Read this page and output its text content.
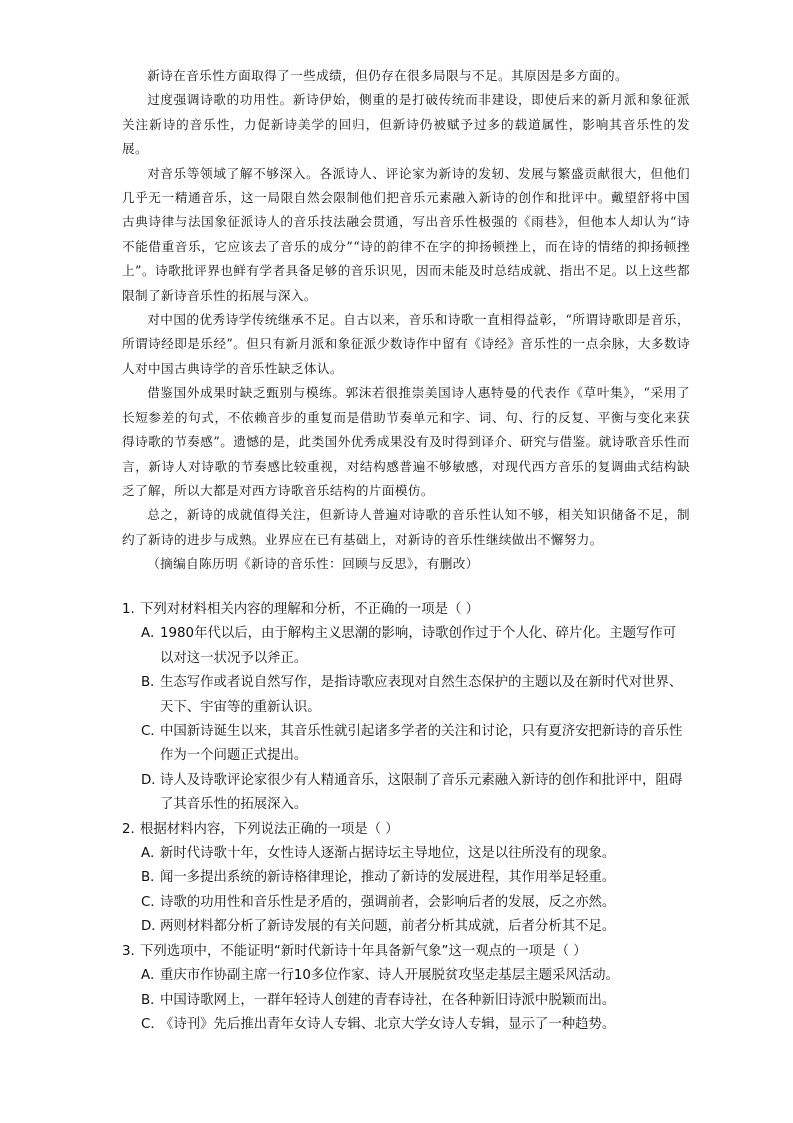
新诗在音乐性方面取得了一些成绩，但仍存在很多局限与不足。其原因是多方面的。

过度强调诗歌的功用性。新诗伊始，侧重的是打破传统而非建设，即使后来的新月派和象征派关注新诗的音乐性，力促新诗美学的回归，但新诗仍被赋予过多的载道属性，影响其音乐性的发展。

对音乐等领域了解不够深入。各派诗人、评论家为新诗的发轫、发展与繁盛贡献很大，但他们几乎无一精通音乐，这一局限自然会限制他们把音乐元素融入新诗的创作和批评中。戴望舒将中国古典诗律与法国象征派诗人的音乐技法融会贯通，写出音乐性极强的《雨巷》，但他本人却认为“诗不能借重音乐，它应该去了音乐的成分”“诗的韵律不在字的抑扬顿挫上，而在诗的情绪的抑扬顿挫上”。诗歌批评界也鲜有学者具备足够的音乐识见，因而未能及时总结成就、指出不足。以上这些都限制了新诗音乐性的拓展与深入。

对中国的优秀诗学传统继承不足。自古以来，音乐和诗歌一直相得益彰，“所谓诗歌即是音乐，所谓诗经即是乐经”。但只有新月派和象征派少数诗作中留有《诗经》音乐性的一点余脉，大多数诗人对中国古典诗学的音乐性缺乏体认。

借鉴国外成果时缺乏甄别与模练。郭沫若很推崇美国诗人惠特曼的代表作《草叶集》，“采用了长短参差的句式，不依赖音步的重复而是借助节奏单元和字、词、句、行的反复、平衡与变化来获得诗歌的节奏感”。遗憾的是，此类国外优秀成果没有及时得到译介、研究与借鉴。就诗歌音乐性而言，新诗人对诗歌的节奏感比较重视，对结构感普遍不够敏感，对现代西方音乐的复调曲式结构缺乏了解，所以大都是对西方诗歌音乐结构的片面模仿。

总之，新诗的成就值得关注，但新诗人普遍对诗歌的音乐性认知不够，相关知识储备不足，制约了新诗的进步与成熟。业界应在已有基础上，对新诗的音乐性继续做出不懈努力。

（摘编自陈历明《新诗的音乐性：回顾与反思》，有删改）

1. 下列对材料相关内容的理解和分析，不正确的一项是（ ）
A．
1980年代以后，由于解构主义思潮的影响，诗歌创作过于个人化、碎片化。主题写作可以对这一状况予以斧正。
B．
生态写作或者说自然写作，是指诗歌应表现对自然生态保护的主题以及在新时代对世界、天下、宇宙等的重新认识。
C．
中国新诗诞生以来，其音乐性就引起诸多学者的关注和讨论，只有夏济安把新诗的音乐性作为一个问题正式提出。
D．
诗人及诗歌评论家很少有人精通音乐，这限制了音乐元素融入新诗的创作和批评中，阻碍了其音乐性的拓展深入。
2. 根据材料内容，下列说法正确的一项是（ ）
A．
新时代诗歌十年，女性诗人逐渐占据诗坛主导地位，这是以往所没有的现象。
B．
闻一多提出系统的新诗格律理论，推动了新诗的发展进程，其作用举足轻重。
C．
诗歌的功用性和音乐性是矛盾的，强调前者，会影响后者的发展，反之亦然。
D．
两则材料都分析了新诗发展的有关问题，前者分析其成就，后者分析其不足。
3. 下列选项中，不能证明“新时代新诗十年具备新气象”这一观点的一项是（ ）
A．
重庆市作协副主席一行10多位作家、诗人开展脱贫攻坚走基层主题采风活动。
B．
中国诗歌网上，一群年轻诗人创建的青春诗社，在各种新旧诗派中脱颖而出。
C．
《诗刊》先后推出青年女诗人专辑、北京大学女诗人专辑，显示了一种趋势。
